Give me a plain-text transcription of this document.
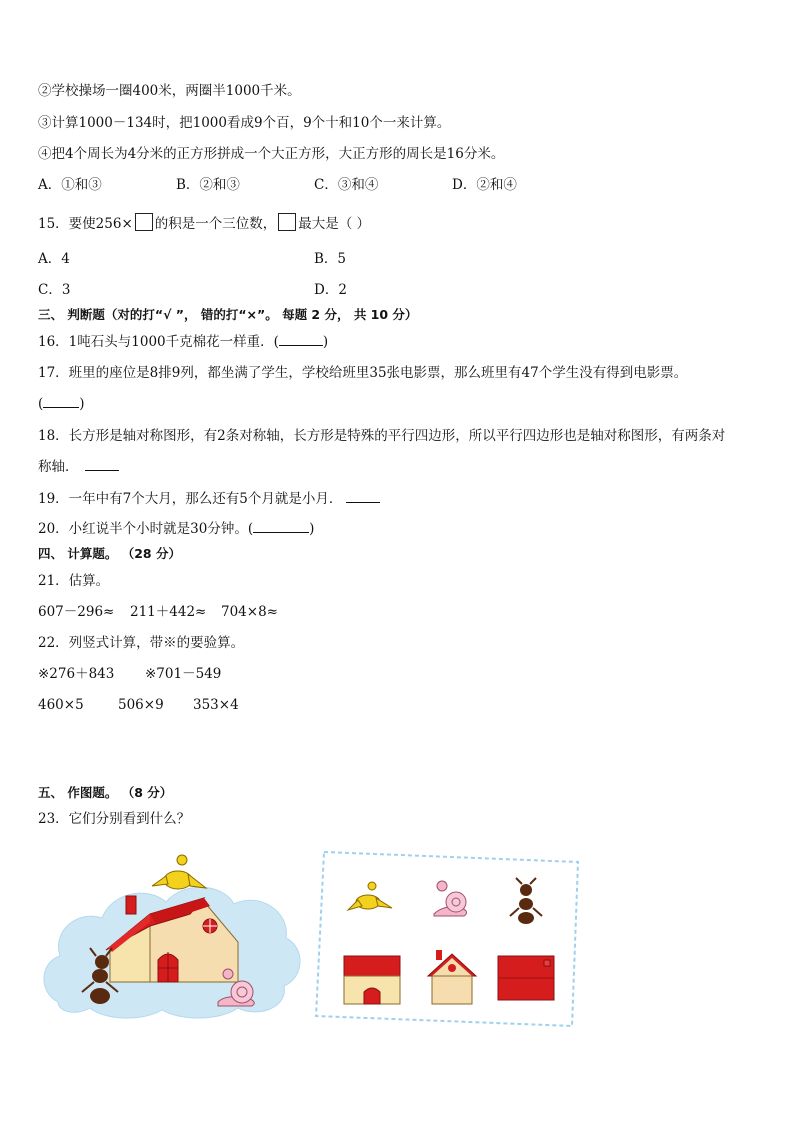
②学校操场一圈400米，两圈半1000千米。
③计算1000－134时，把1000看成9个百，9个十和10个一来计算。
④把4个周长为4分米的正方形拼成一个大正方形，大正方形的周长是16分米。
A．①和③	B．②和③	C．③和④	D．②和④
15．要使256× 的积是一个三位数， 最大是（ ）
A．4	B．5
C．3	D．2
三、 判断题（对的打“√ ”， 错的打“×”。 每题 2 分， 共 10 分）
16．1吨石头与1000千克棉花一样重．(	)
17．班里的座位是8排9列，都坐满了学生，学校给班里35张电影票，那么班里有47个学生没有得到电影票。
(	)
18．长方形是轴对称图形，有2条对称轴，长方形是特殊的平行四边形，所以平行四边形也是轴对称图形，有两条对
称轴．
19．一年中有7个大月，那么还有5个月就是小月．
20．小红说半个小时就是30分钟。(	)
四、 计算题。 （28 分）
21．估算。
607－296≈ 211＋442≈ 704×8≈
22．列竖式计算，带※的要验算。
※276＋843 ※701－549
460×5	506×9 353×4
五、 作图题。 （8 分）
23．它们分别看到什么？
